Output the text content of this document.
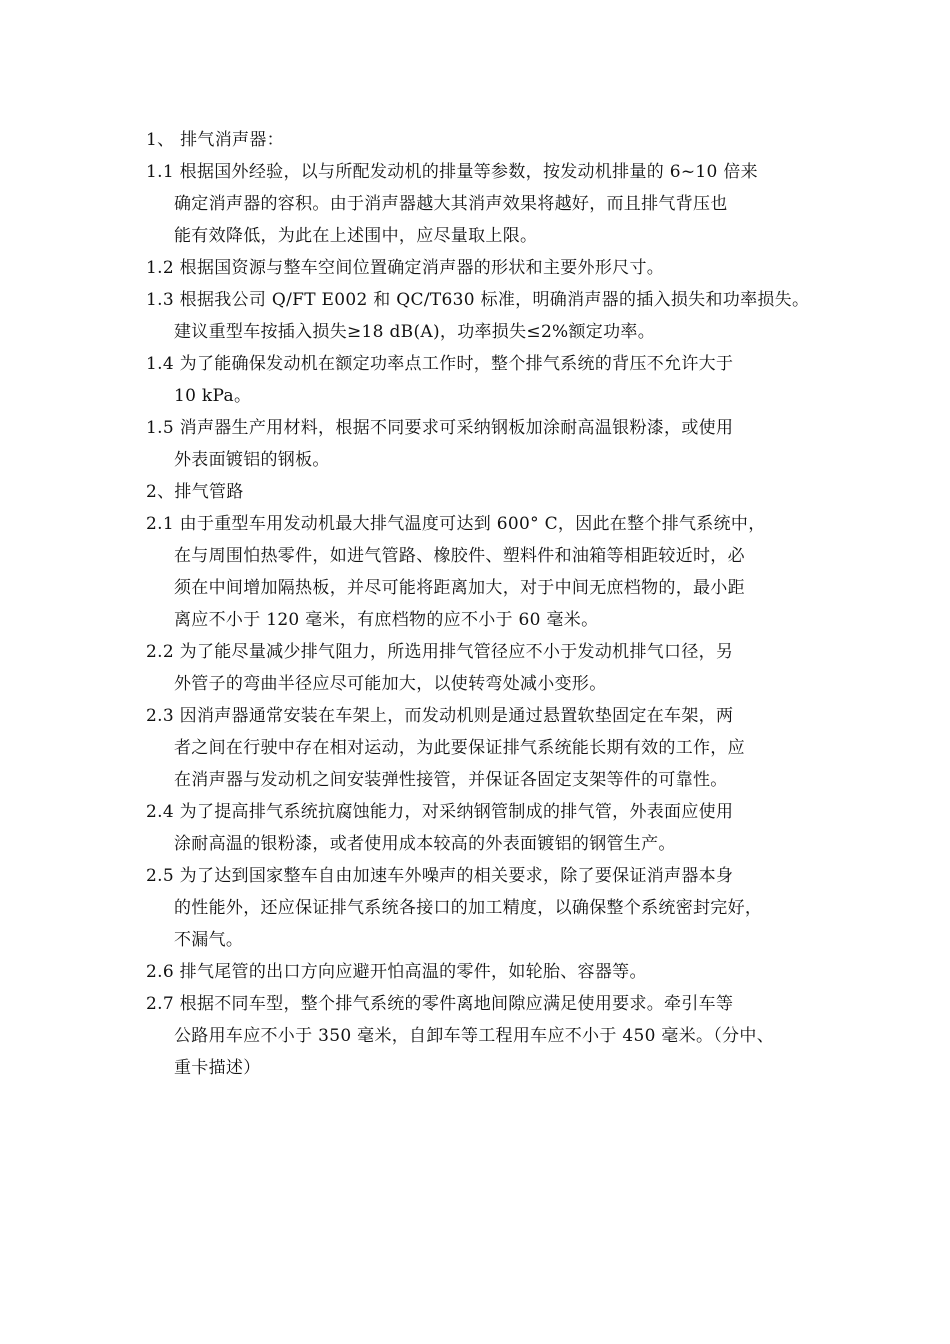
1、 排气消声器：
1.1 根据国外经验，以与所配发动机的排量等参数，按发动机排量的 6~10 倍来
确定消声器的容积。由于消声器越大其消声效果将越好，而且排气背压也
能有效降低，为此在上述围中，应尽量取上限。
1.2 根据国资源与整车空间位置确定消声器的形状和主要外形尺寸。
1.3 根据我公司 Q/FT E002 和 QC/T630 标准，明确消声器的插入损失和功率损失。
建议重型车按插入损失≥18 dB(A)，功率损失≤2%额定功率。
1.4 为了能确保发动机在额定功率点工作时，整个排气系统的背压不允许大于
10 kPa。
1.5 消声器生产用材料，根据不同要求可采纳钢板加涂耐高温银粉漆，或使用
外表面镀铝的钢板。
2、排气管路
2.1 由于重型车用发动机最大排气温度可达到 600° C，因此在整个排气系统中，
在与周围怕热零件，如进气管路、橡胶件、塑料件和油箱等相距较近时，必
须在中间增加隔热板，并尽可能将距离加大，对于中间无庶档物的，最小距
离应不小于 120 毫米，有庶档物的应不小于 60 毫米。
2.2 为了能尽量减少排气阻力，所选用排气管径应不小于发动机排气口径，另
外管子的弯曲半径应尽可能加大，以使转弯处减小变形。
2.3 因消声器通常安装在车架上，而发动机则是通过悬置软垫固定在车架，两
者之间在行驶中存在相对运动，为此要保证排气系统能长期有效的工作，应
在消声器与发动机之间安装弹性接管，并保证各固定支架等件的可靠性。
2.4 为了提高排气系统抗腐蚀能力，对采纳钢管制成的排气管，外表面应使用
涂耐高温的银粉漆，或者使用成本较高的外表面镀铝的钢管生产。
2.5 为了达到国家整车自由加速车外噪声的相关要求，除了要保证消声器本身
的性能外，还应保证排气系统各接口的加工精度，以确保整个系统密封完好，
不漏气。
2.6 排气尾管的出口方向应避开怕高温的零件，如轮胎、容器等。
2.7 根据不同车型，整个排气系统的零件离地间隙应满足使用要求。牵引车等
公路用车应不小于 350 毫米，自卸车等工程用车应不小于 450 毫米。（分中、
重卡描述）
